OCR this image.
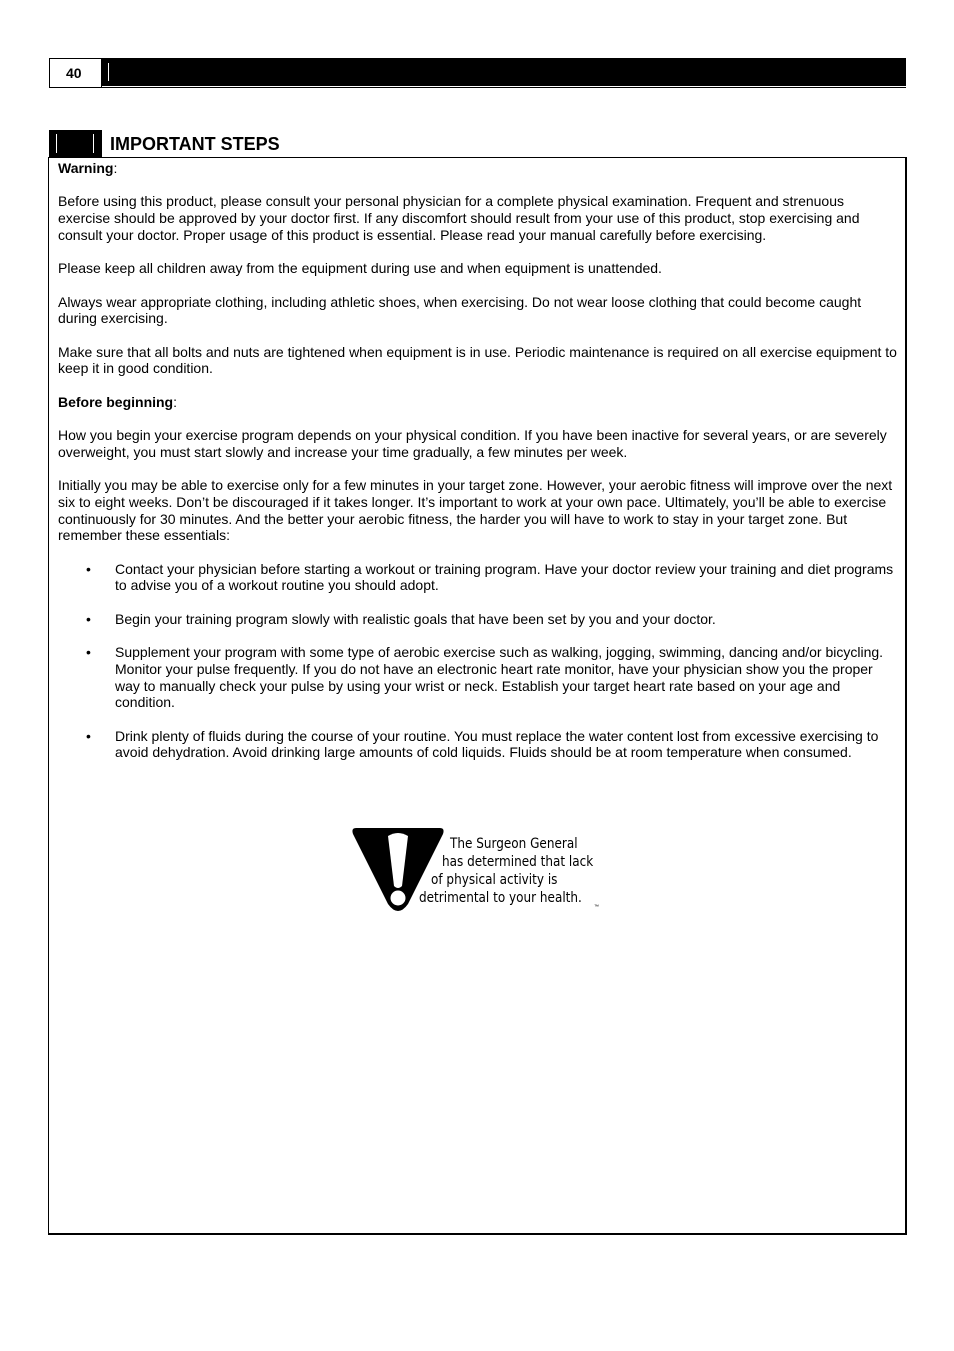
40
IMPORTANT STEPS

Warning:

Before using this product, please consult your personal physician for a complete physical examination. Frequent and strenuous exercise should be approved by your doctor first. If any discomfort should result from your use of this product, stop exercising and consult your doctor. Proper usage of this product is essential. Please read your manual carefully before exercising.

Please keep all children away from the equipment during use and when equipment is unattended.

Always wear appropriate clothing, including athletic shoes, when exercising. Do not wear loose clothing that could become caught during exercising.

Make sure that all bolts and nuts are tightened when equipment is in use. Periodic maintenance is required on all exercise equipment to keep it in good condition.

Before beginning:

How you begin your exercise program depends on your physical condition. If you have been inactive for several years, or are severely overweight, you must start slowly and increase your time gradually, a few minutes per week.

Initially you may be able to exercise only for a few minutes in your target zone. However, your aerobic fitness will improve over the next six to eight weeks. Don’t be discouraged if it takes longer. It’s important to work at your own pace. Ultimately, you’ll be able to exercise continuously for 30 minutes. And the better your aerobic fitness, the harder you will have to work to stay in your target zone. But remember these essentials:

• Contact your physician before starting a workout or training program. Have your doctor review your training and diet programs to advise you of a workout routine you should adopt.
• Begin your training program slowly with realistic goals that have been set by you and your doctor.
• Supplement your program with some type of aerobic exercise such as walking, jogging, swimming, dancing and/or bicycling. Monitor your pulse frequently. If you do not have an electronic heart rate monitor, have your physician show you the proper way to manually check your pulse by using your wrist or neck. Establish your target heart rate based on your age and condition.
• Drink plenty of fluids during the course of your routine. You must replace the water content lost from excessive exercising to avoid dehydration. Avoid drinking large amounts of cold liquids. Fluids should be at room temperature when consumed.
The Surgeon General
has determined that lack
of physical activity is
detrimental to your health.
™
